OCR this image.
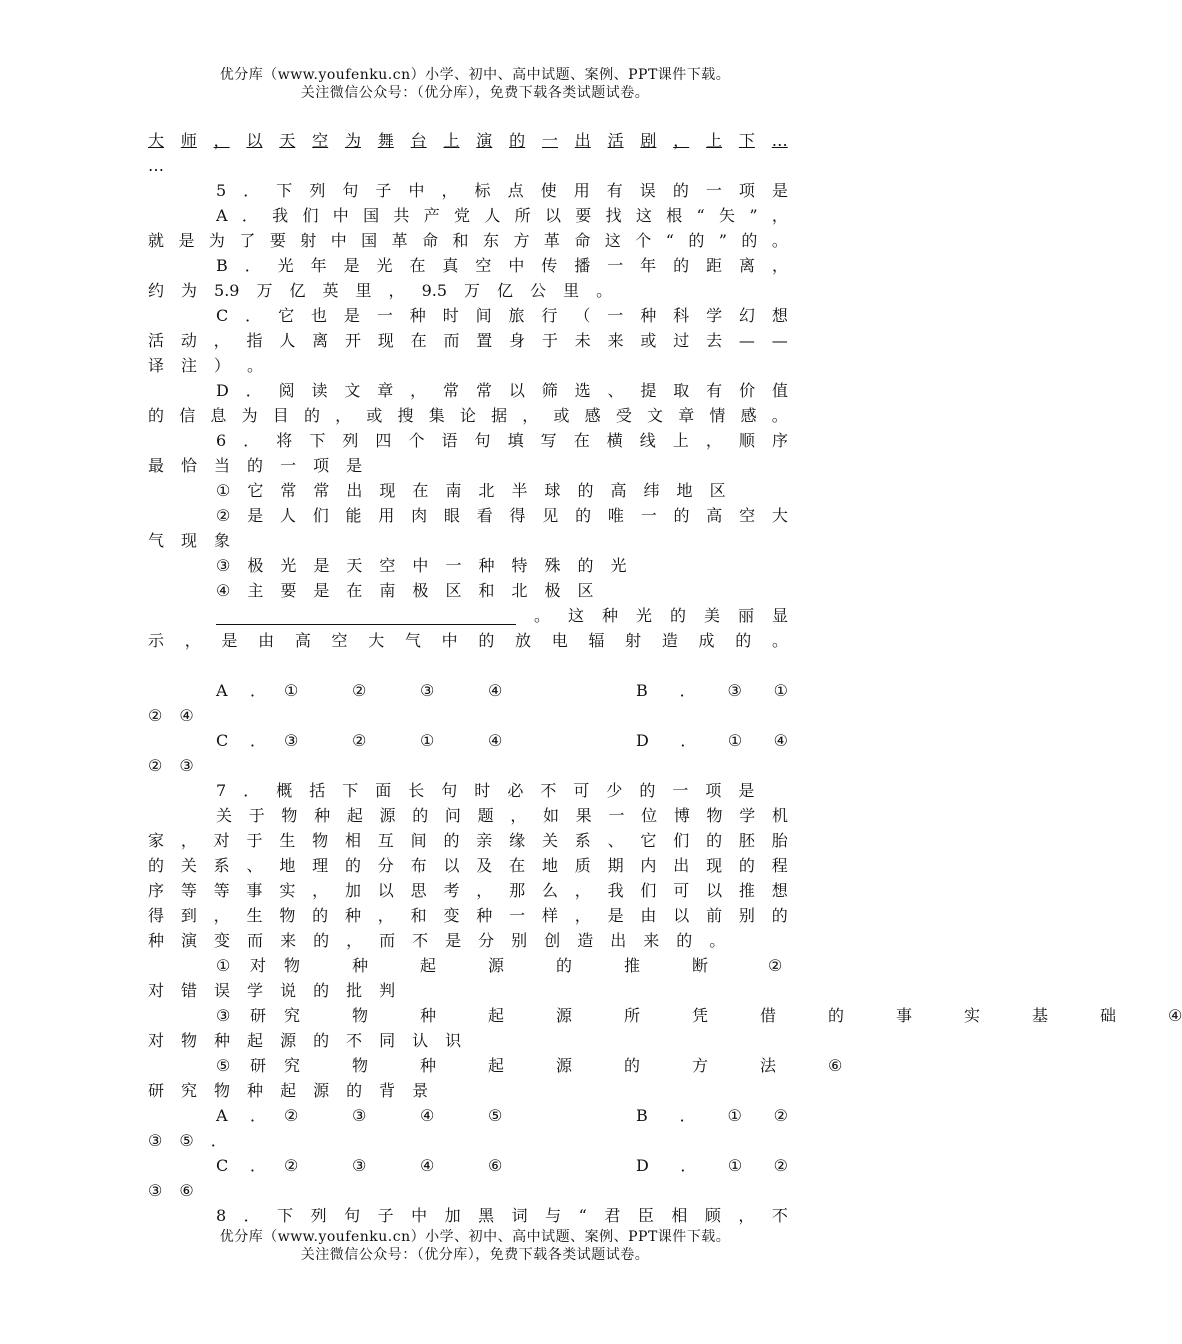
优分库（www.youfenku.cn）小学、初中、高中试题、案例、PPT课件下载。
关注微信公众号：（优分库），免费下载各类试题试卷。
大 师 ， 以 天 空 为 舞 台 上 演 的 一 出 活 剧 ， 上 下 …
…
5 ． 下 列 句 子 中 ， 标 点 使 用 有 误 的 一 项 是
A ． 我 们 中 国 共 产 党 人 所 以 要 找 这 根 “ 矢 ” ，
就 是 为 了 要 射 中 国 革 命 和 东 方 革 命 这 个 “ 的 ” 的 。
B ． 光 年 是 光 在 真 空 中 传 播 一 年 的 距 离 ，
约 为 5.9 万 亿 英 里 ， 9.5 万 亿 公 里 。
C ． 它 也 是 一 种 时 间 旅 行 （ 一 种 科 学 幻 想
活 动 ， 指 人 离 开 现 在 而 置 身 于 未 来 或 过 去 — —
译 注 ） 。
D ． 阅 读 文 章 ， 常 常 以 筛 选 、 提 取 有 价 值
的 信 息 为 目 的 ， 或 搜 集 论 据 ， 或 感 受 文 章 情 感 。
6 ． 将 下 列 四 个 语 句 填 写 在 横 线 上 ， 顺 序
最 恰 当 的 一 项 是
① 它 常 常 出 现 在 南 北 半 球 的 高 纬 地 区
② 是 人 们 能 用 肉 眼 看 得 见 的 唯 一 的 高 空 大
气 现 象
③ 极 光 是 天 空 中 一 种 特 殊 的 光
④ 主 要 是 在 南 极 区 和 北 极 区
。 这 种 光 的 美 丽 显
示 ， 是 由 高 空 大 气 中 的 放 电 辐 射 造 成 的 。
A	．	①	②	③	④	B ． ③ ①
② ④
C	．	③	②	①	④	D ． ① ④
② ③
7 ． 概 括 下 面 长 句 时 必 不 可 少 的 一 项 是
关 于 物 种 起 源 的 问 题 ， 如 果 一 位 博 物 学 机
家 ， 对 于 生 物 相 互 间 的 亲 缘 关 系 、 它 们 的 胚 胎
的 关 系 、 地 理 的 分 布 以 及 在 地 质 期 内 出 现 的 程
序 等 等 事 实 ， 加 以 思 考 ， 那 么 ， 我 们 可 以 推 想
得 到 ， 生 物 的 种 ， 和 变 种 一 样 ， 是 由 以 前 别 的
种 演 变 而 来 的 ， 而 不 是 分 别 创 造 出 来 的 。
①	对	物	种	起	源	的	推	断	②
对 错 误 学 说 的 批 判
③	研	究	物	种	起	源	所	凭	借	的	事	实	基	础	④
对 物 种 起 源 的 不 同 认 识
⑤	研	究	物	种	起	源	的	方	法	⑥
研 究 物 种 起 源 的 背 景
A	．	②	③	④	⑤	B ． ① ②
③ ⑤ ．
C	．	②	③	④	⑥	D ． ① ②
③ ⑥
8 ． 下 列 句 子 中 加 黑 词 与 “ 君 臣 相 顾 ， 不
优分库（www.youfenku.cn）小学、初中、高中试题、案例、PPT课件下载。
关注微信公众号：（优分库），免费下载各类试题试卷。
